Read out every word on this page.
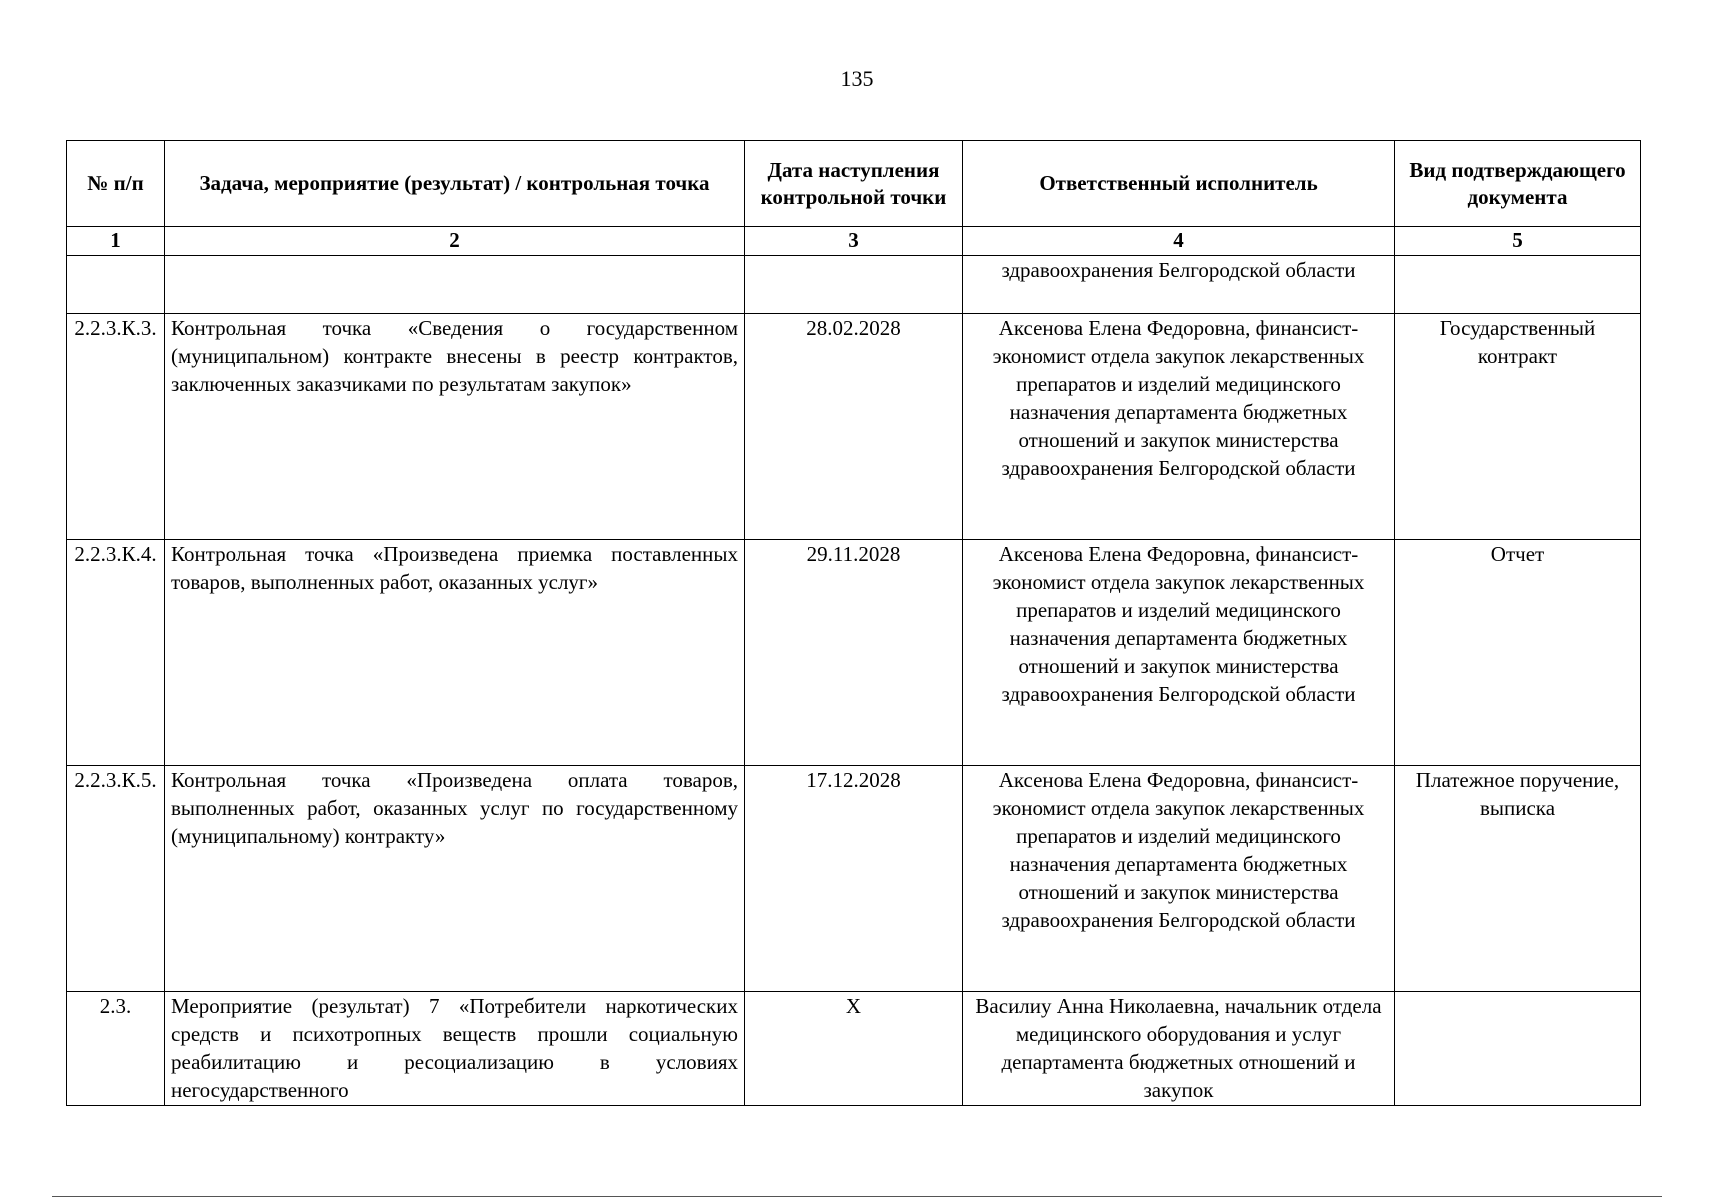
135
№ п/п	Задача, мероприятие (результат) / контрольная точка	Дата наступления контрольной точки	Ответственный исполнитель	Вид подтверждающего документа
1	2	3	4	5
			здравоохранения Белгородской области	
2.2.3.К.3.	Контрольная точка «Сведения о государственном (муниципальном) контракте внесены в реестр контрактов, заключенных заказчиками по результатам закупок»	28.02.2028	Аксенова Елена Федоровна, финансист-экономист отдела закупок лекарственных препаратов и изделий медицинского назначения департамента бюджетных отношений и закупок министерства здравоохранения Белгородской области	Государственный контракт
2.2.3.К.4.	Контрольная точка «Произведена приемка поставленных товаров, выполненных работ, оказанных услуг»	29.11.2028	Аксенова Елена Федоровна, финансист-экономист отдела закупок лекарственных препаратов и изделий медицинского назначения департамента бюджетных отношений и закупок министерства здравоохранения Белгородской области	Отчет
2.2.3.К.5.	Контрольная точка «Произведена оплата товаров, выполненных работ, оказанных услуг по государственному (муниципальному) контракту»	17.12.2028	Аксенова Елена Федоровна, финансист-экономист отдела закупок лекарственных препаратов и изделий медицинского назначения департамента бюджетных отношений и закупок министерства здравоохранения Белгородской области	Платежное поручение, выписка
2.3.	Мероприятие (результат) 7 «Потребители наркотических средств и психотропных веществ прошли социальную реабилитацию и ресоциализацию в условиях негосударственного	X	Василиу Анна Николаевна, начальник отдела медицинского оборудования и услуг департамента бюджетных отношений и закупок	
